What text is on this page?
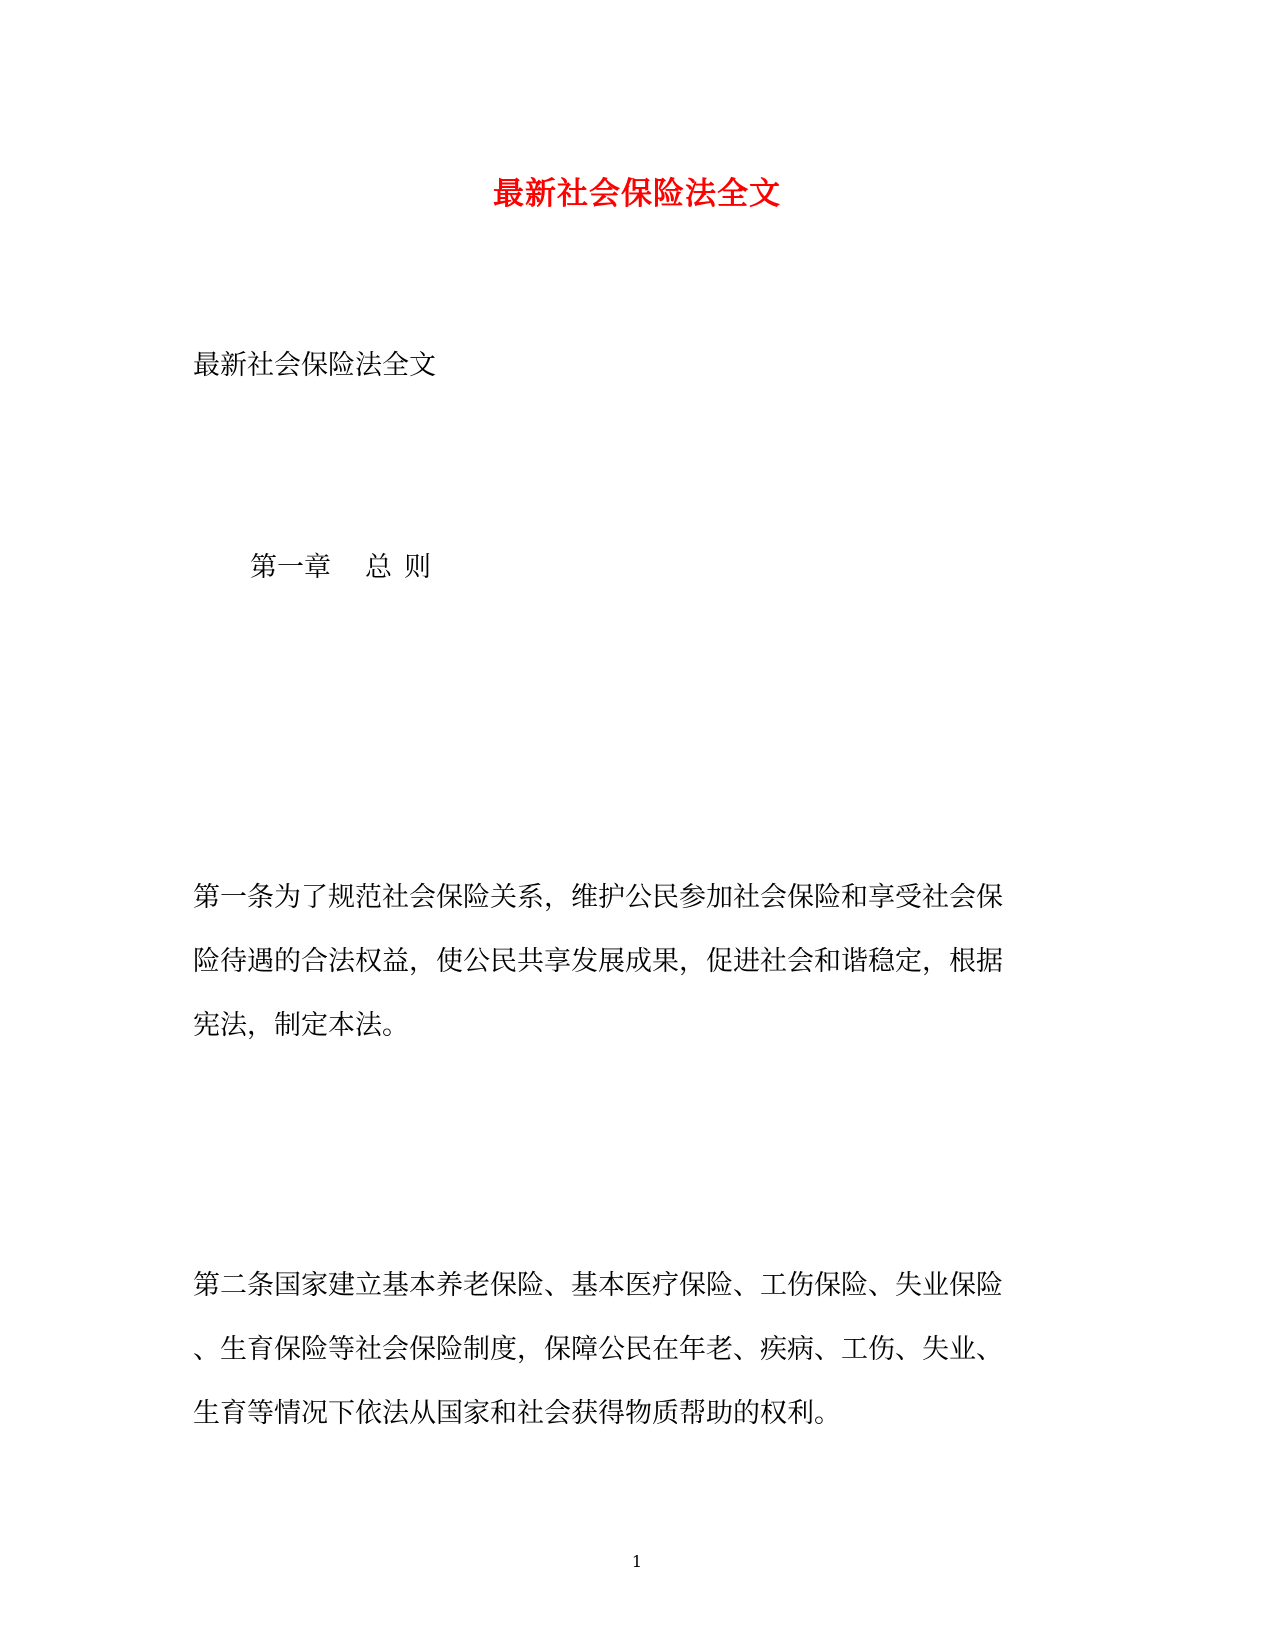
最新社会保险法全文
最新社会保险法全文
第一章 总 则
第一条为了规范社会保险关系，维护公民参加社会保险和享受社会保
险待遇的合法权益，使公民共享发展成果，促进社会和谐稳定，根据
宪法，制定本法。
第二条国家建立基本养老保险、基本医疗保险、工伤保险、失业保险
、生育保险等社会保险制度，保障公民在年老、疾病、工伤、失业、
生育等情况下依法从国家和社会获得物质帮助的权利。
1
